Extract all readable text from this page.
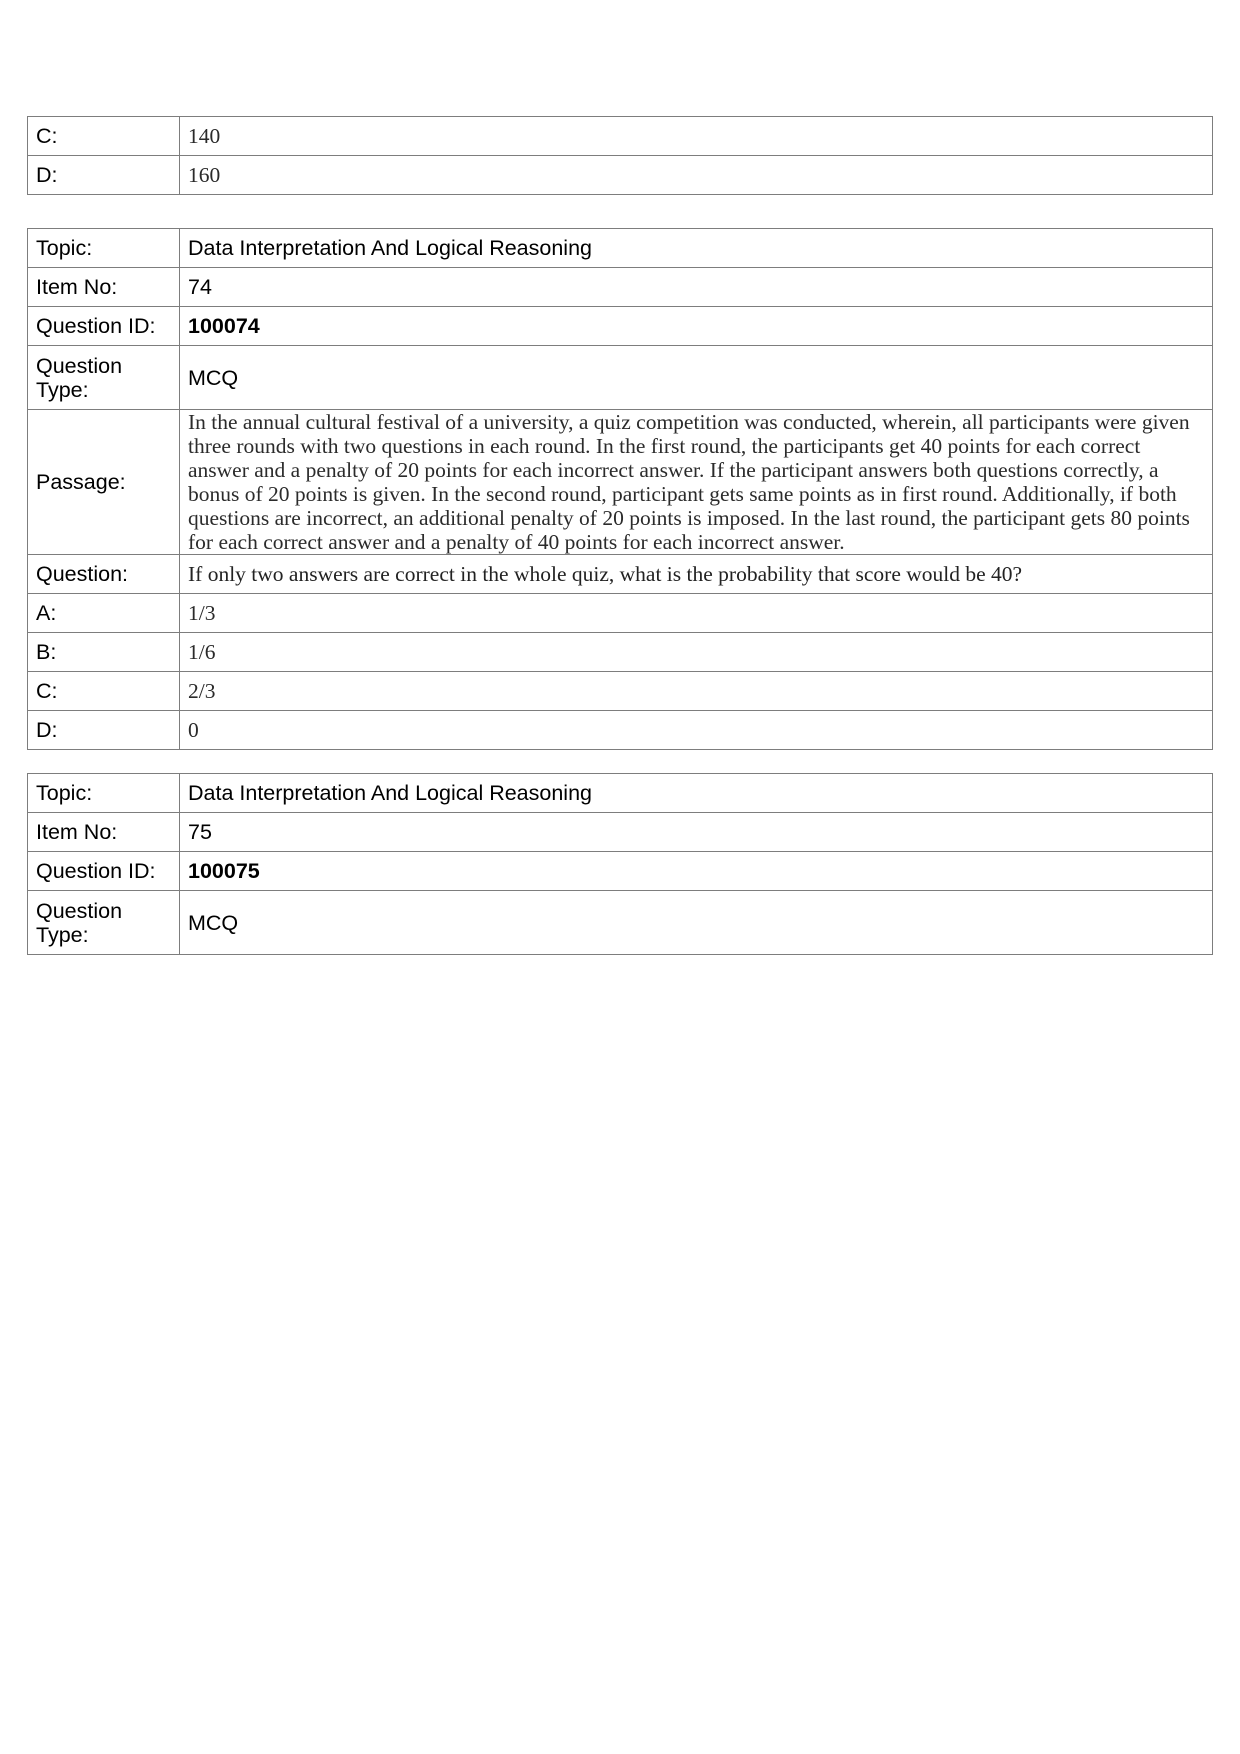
C:	140
D:	160
Topic:	Data Interpretation And Logical Reasoning
Item No:	74
Question ID:	100074
Question Type:	MCQ
Passage:	In the annual cultural festival of a university, a quiz competition was conducted, wherein, all participants were given three rounds with two questions in each round. In the first round, the participants get 40 points for each correct answer and a penalty of 20 points for each incorrect answer. If the participant answers both questions correctly, a bonus of 20 points is given. In the second round, participant gets same points as in first round. Additionally, if both questions are incorrect, an additional penalty of 20 points is imposed. In the last round, the participant gets 80 points for each correct answer and a penalty of 40 points for each incorrect answer.
Question:	If only two answers are correct in the whole quiz, what is the probability that score would be 40?
A:	1/3
B:	1/6
C:	2/3
D:	0
Topic:	Data Interpretation And Logical Reasoning
Item No:	75
Question ID:	100075
Question Type:	MCQ
